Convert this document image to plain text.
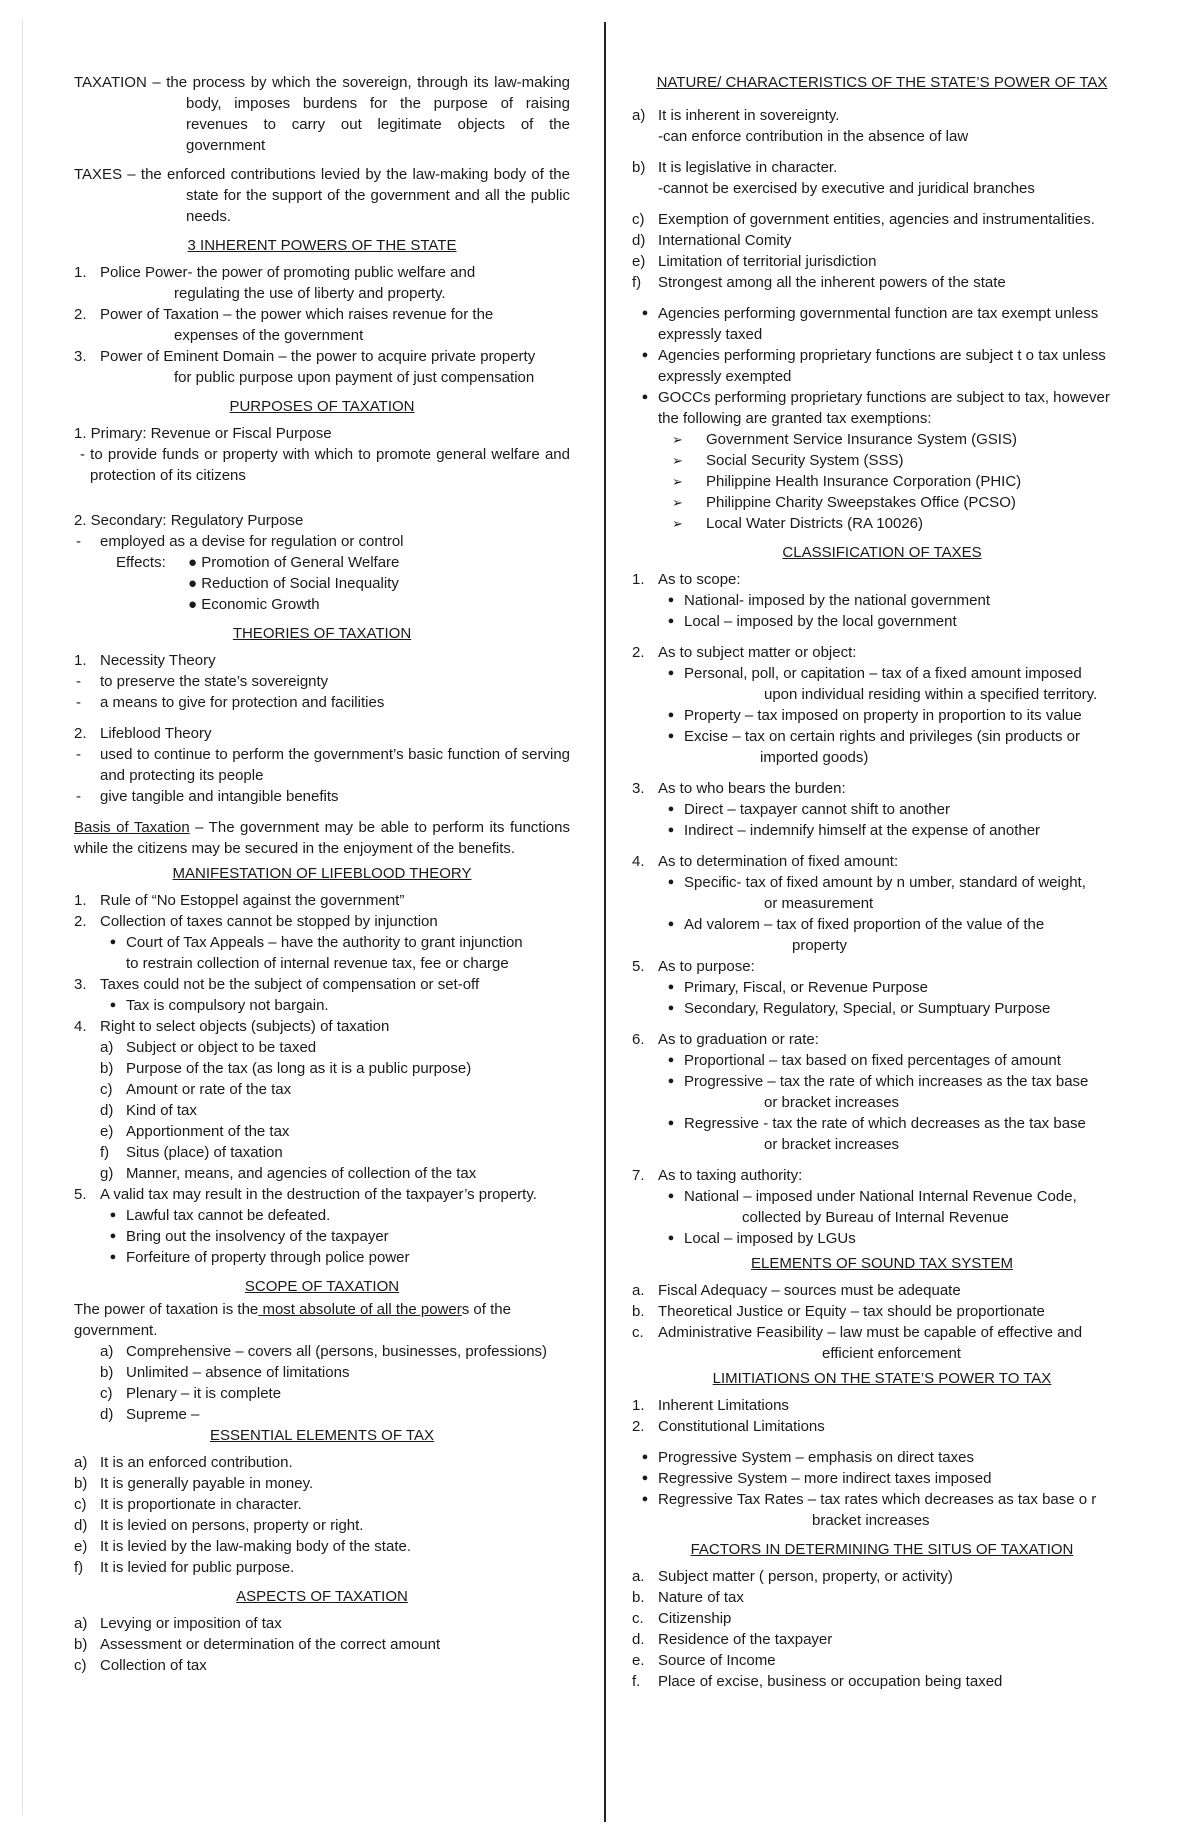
TAXATION – the process by which the sovereign, through its law-making body, imposes burdens for the purpose of raising revenues to carry out legitimate objects of the government
TAXES – the enforced contributions levied by the law-making body of the state for the support of the government and all the public needs.
3 INHERENT POWERS OF THE STATE
1. Police Power- the power of promoting public welfare and
regulating the use of liberty and property.
2. Power of Taxation – the power which raises revenue for the
expenses of the government
3. Power of Eminent Domain – the power to acquire private property
for public purpose upon payment of just compensation
PURPOSES OF TAXATION
1. Primary: Revenue or Fiscal Purpose
- to provide funds or property with which to promote general welfare and protection of its citizens
2. Secondary: Regulatory Purpose
-	employed as a devise for regulation or control
Effects:	● Promotion of General Welfare
● Reduction of Social Inequality
● Economic Growth
THEORIES OF TAXATION
1. Necessity Theory
-	to preserve the state’s sovereignty
-	a means to give for protection and facilities
2. Lifeblood Theory
-	used to continue to perform the government’s basic function of serving and protecting its people
-	give tangible and intangible benefits
Basis of Taxation – The government may be able to perform its functions while the citizens may be secured in the enjoyment of the benefits.
MANIFESTATION OF LIFEBLOOD THEORY
1. Rule of “No Estoppel against the government”
2. Collection of taxes cannot be stopped by injunction
● Court of Tax Appeals – have the authority to grant injunction
to restrain collection of internal revenue tax, fee or charge
3. Taxes could not be the subject of compensation or set-off
● Tax is compulsory not bargain.
4. Right to select objects (subjects) of taxation
a) Subject or object to be taxed
b) Purpose of the tax (as long as it is a public purpose)
c) Amount or rate of the tax
d) Kind of tax
e) Apportionment of the tax
f)	Situs (place) of taxation
g) Manner, means, and agencies of collection of the tax
5. A valid tax may result in the destruction of the taxpayer’s property.
● Lawful tax cannot be defeated.
● Bring out the insolvency of the taxpayer
● Forfeiture of property through police power
SCOPE OF TAXATION
The power of taxation is the most absolute of all the powers of the government.
a) Comprehensive – covers all (persons, businesses, professions)
b) Unlimited – absence of limitations
c) Plenary – it is complete
d) Supreme –
ESSENTIAL ELEMENTS OF TAX
a) It is an enforced contribution.
b) It is generally payable in money.
c) It is proportionate in character.
d) It is levied on persons, property or right.
e) It is levied by the law-making body of the state.
f)	It is levied for public purpose.
ASPECTS OF TAXATION
a) Levying or imposition of tax
b) Assessment or determination of the correct amount
c) Collection of tax
NATURE/ CHARACTERISTICS OF THE STATE’S POWER OF TAX
a) It is inherent in sovereignty.
-can enforce contribution in the absence of law
b) It is legislative in character.
-cannot be exercised by executive and juridical branches
c) Exemption of government entities, agencies and instrumentalities.
d) International Comity
e) Limitation of territorial jurisdiction
f)	Strongest among all the inherent powers of the state
● Agencies performing governmental function are tax exempt unless expressly taxed
● Agencies performing proprietary functions are subject t o tax unless expressly exempted
● GOCCs performing proprietary functions are subject to tax, however the following are granted tax exemptions:
➢	Government Service Insurance System (GSIS)
➢	Social Security System (SSS)
➢	Philippine Health Insurance Corporation (PHIC)
➢	Philippine Charity Sweepstakes Office (PCSO)
➢	Local Water Districts (RA 10026)
CLASSIFICATION OF TAXES
1. As to scope:
● National- imposed by the national government
● Local – imposed by the local government
2. As to subject matter or object:
● Personal, poll, or capitation – tax of a fixed amount imposed
upon individual residing within a specified territory.
● Property – tax imposed on property in proportion to its value
● Excise – tax on certain rights and privileges (sin products or
imported goods)
3. As to who bears the burden:
● Direct – taxpayer cannot shift to another
● Indirect – indemnify himself at the expense of another
4. As to determination of fixed amount:
● Specific- tax of fixed amount by n umber, standard of weight,
or measurement
● Ad valorem – tax of fixed proportion of the value of the
property
5. As to purpose:
● Primary, Fiscal, or Revenue Purpose
● Secondary, Regulatory, Special, or Sumptuary Purpose
6. As to graduation or rate:
● Proportional – tax based on fixed percentages of amount
● Progressive – tax the rate of which increases as the tax base
or bracket increases
● Regressive - tax the rate of which decreases as the tax base
or bracket increases
7. As to taxing authority:
● National – imposed under National Internal Revenue Code,
collected by Bureau of Internal Revenue
● Local – imposed by LGUs
ELEMENTS OF SOUND TAX SYSTEM
a. Fiscal Adequacy – sources must be adequate
b. Theoretical Justice or Equity – tax should be proportionate
c. Administrative Feasibility – law must be capable of effective and
efficient enforcement
LIMITIATIONS ON THE STATE’S POWER TO TAX
1. Inherent Limitations
2. Constitutional Limitations
● Progressive System – emphasis on direct taxes
● Regressive System – more indirect taxes imposed
● Regressive Tax Rates – tax rates which decreases as tax base o r
bracket increases
FACTORS IN DETERMINING THE SITUS OF TAXATION
a. Subject matter ( person, property, or activity)
b. Nature of tax
c. Citizenship
d. Residence of the taxpayer
e. Source of Income
f.	Place of excise, business or occupation being taxed
